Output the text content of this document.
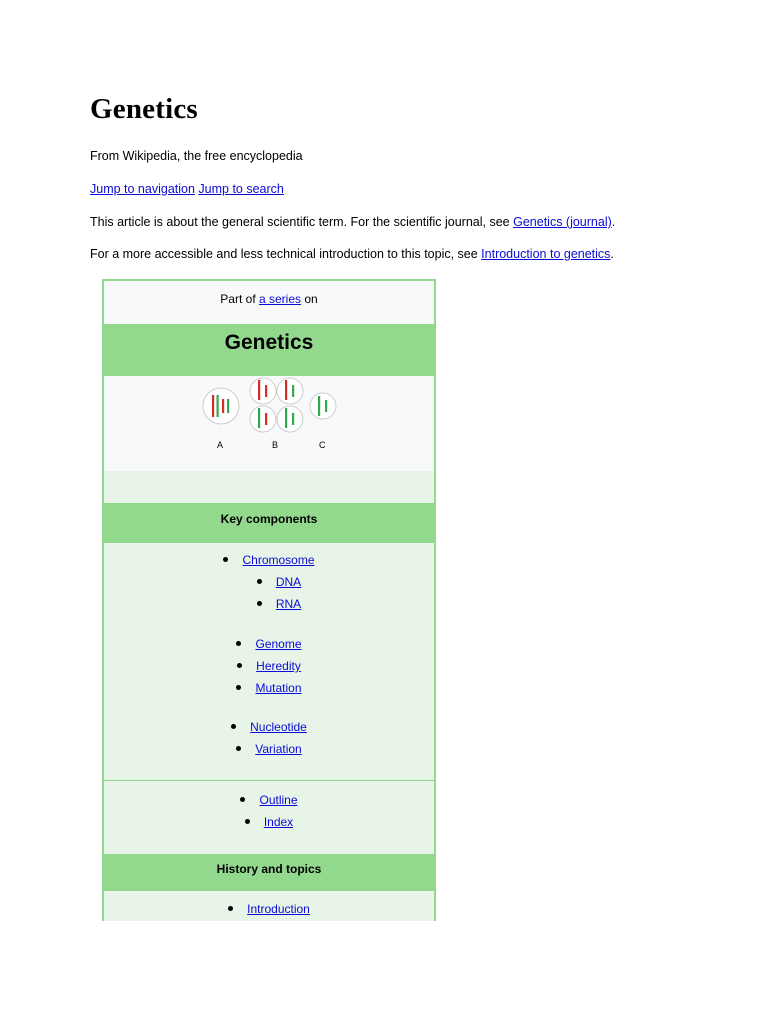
Genetics
From Wikipedia, the free encyclopedia
Jump to navigation Jump to search
This article is about the general scientific term. For the scientific journal, see Genetics (journal).
For a more accessible and less technical introduction to this topic, see Introduction to genetics.
Part of a series on
Genetics
A	B	C
Key components
Chromosome
DNA
RNA
Genome
Heredity
Mutation
Nucleotide
Variation
Outline
Index
History and topics
Introduction
